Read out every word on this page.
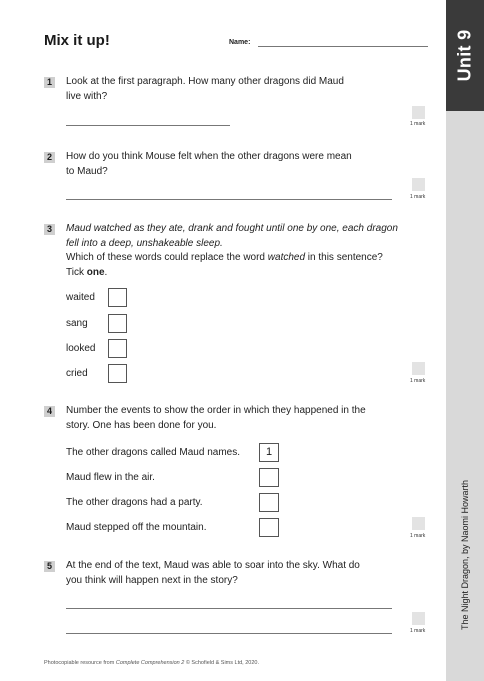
Unit 9
The Night Dragon, by Naomi Howarth
Mix it up!	Name:
1	Look at the first paragraph. How many other dragons did Maud
live with?
1 mark
2	How do you think Mouse felt when the other dragons were mean
to Maud?
1 mark
3	Maud watched as they ate, drank and fought until one by one, each dragon
fell into a deep, unshakeable sleep.
Which of these words could replace the word watched in this sentence?
Tick one.
waited
sang
looked
cried
1 mark
4	Number the events to show the order in which they happened in the
story. One has been done for you.
The other dragons called Maud names.	1
Maud flew in the air.
The other dragons had a party.
Maud stepped off the mountain.
1 mark
5	At the end of the text, Maud was able to soar into the sky. What do
you think will happen next in the story?
1 mark
Photocopiable resource from Complete Comprehension 2 © Schofield & Sims Ltd, 2020.
